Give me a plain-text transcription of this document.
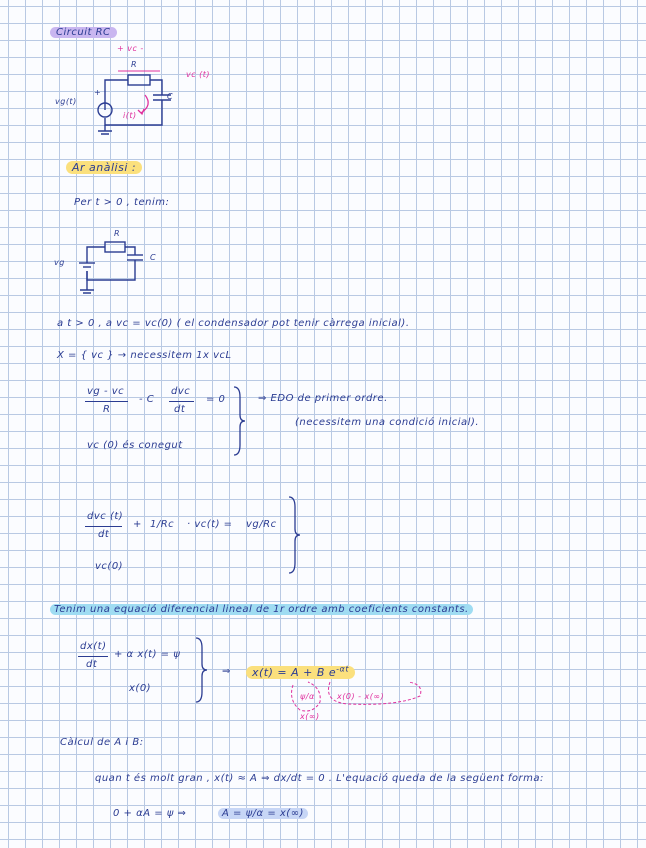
Circuit RC
+ vc -
R
vc (t)
vg(t)
+	C
i(t)
Ar anàlisi :
Per t > 0 , tenim:
R
vg
C
a t > 0 , a vc = vc(0) ( el condensador pot tenir càrrega inicial).
X = { vc } → necessitem 1x vcL
vg - vc
R
- C
dvc
dt
= 0
vc (0) és conegut
⇒ EDO de primer ordre.
(necessitem una condició inicial).
dvc (t)
dt
+ 1/Rc · vc(t) = vg/Rc
vc(0)
Tenim una equació diferencial lineal de 1r ordre amb coeficients constants.
dx(t)
dt
+ α x(t) = ψ
x(0)
⇒	x(t) = A + B $e^{-\alpha t}$
ψ/α	x(0) - x(∞)
x(∞)
Càlcul de A i B:
quan t és molt gran , x(t) ≈ A ⇒ dx/dt = 0 . L'equació queda de la següent forma:
0 + αA = ψ ⇒	A = ψ/α = x(∞)
